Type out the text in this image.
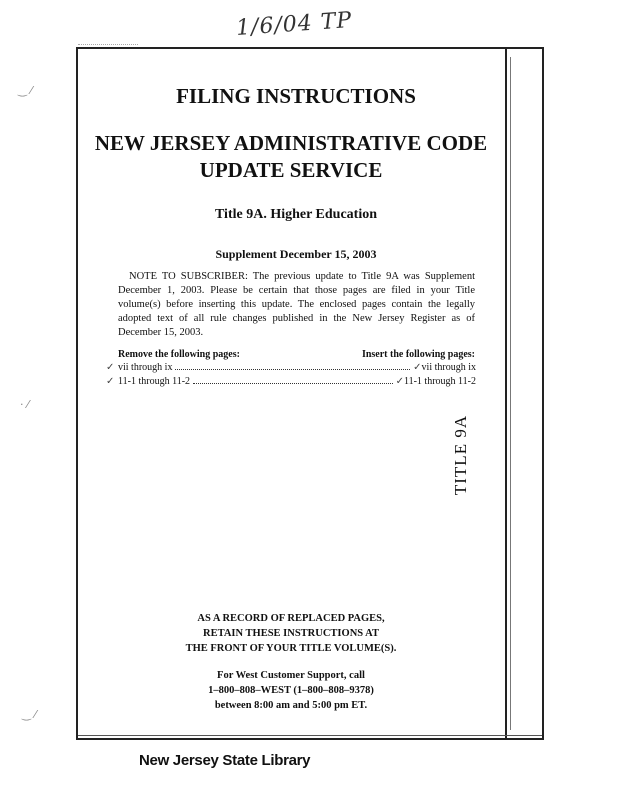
1/6/04 TP
‿ ⁄
· ⁄
‿ ⁄
TITLE 9A
FILING INSTRUCTIONS
NEW JERSEY ADMINISTRATIVE CODE
UPDATE SERVICE
Title 9A. Higher Education
Supplement December 15, 2003
NOTE TO SUBSCRIBER: The previous update to Title 9A was Supplement December 1, 2003. Please be certain that those pages are filed in your Title volume(s) before inserting this update. The enclosed pages contain the legally adopted text of all rule changes published in the New Jersey Register as of December 15, 2003.
Remove the following pages:	Insert the following pages:
✓ vii through ix	✓ vii through ix
✓ 11-1 through 11-2	✓ 11-1 through 11-2
AS A RECORD OF REPLACED PAGES,
RETAIN THESE INSTRUCTIONS AT
THE FRONT OF YOUR TITLE VOLUME(S).
For West Customer Support, call
1–800–808–WEST (1–800–808–9378)
between 8:00 am and 5:00 pm ET.
New Jersey State Library
